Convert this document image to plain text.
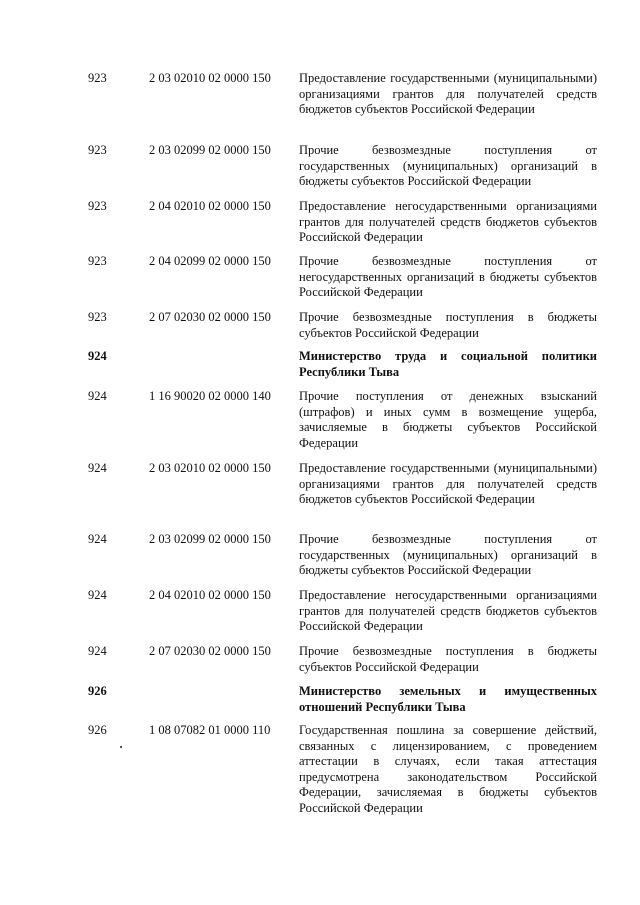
923	2 03 02010 02 0000 150 Предоставление государственными (муниципальными) организациями грантов для получателей средств бюджетов субъектов Российской Федерации
923	2 03 02099 02 0000 150 Прочие безвозмездные поступления от государственных (муниципальных) организаций в бюджеты субъектов Российской Федерации
923	2 04 02010 02 0000 150 Предоставление негосударственными организациями грантов для получателей средств бюджетов субъектов Российской Федерации
923	2 04 02099 02 0000 150 Прочие безвозмездные поступления от негосударственных организаций в бюджеты субъектов Российской Федерации
923	2 07 02030 02 0000 150 Прочие безвозмездные поступления в бюджеты субъектов Российской Федерации
924	Министерство труда и социальной политики Республики Тыва
924	1 16 90020 02 0000 140 Прочие поступления от денежных взысканий (штрафов) и иных сумм в возмещение ущерба, зачисляемые в бюджеты субъектов Российской Федерации
924	2 03 02010 02 0000 150 Предоставление государственными (муниципальными) организациями грантов для получателей средств бюджетов субъектов Российской Федерации
924	2 03 02099 02 0000 150 Прочие безвозмездные поступления от государственных (муниципальных) организаций в бюджеты субъектов Российской Федерации
924	2 04 02010 02 0000 150 Предоставление негосударственными организациями грантов для получателей средств бюджетов субъектов Российской Федерации
924	2 07 02030 02 0000 150 Прочие безвозмездные поступления в бюджеты субъектов Российской Федерации
926	Министерство земельных и имущественных отношений Республики Тыва
926	1 08 07082 01 0000 110 Государственная пошлина за совершение действий, связанных с лицензированием, с проведением аттестации в случаях, если такая аттестация предусмотрена законодательством Российской Федерации, зачисляемая в бюджеты субъектов Российской Федерации
